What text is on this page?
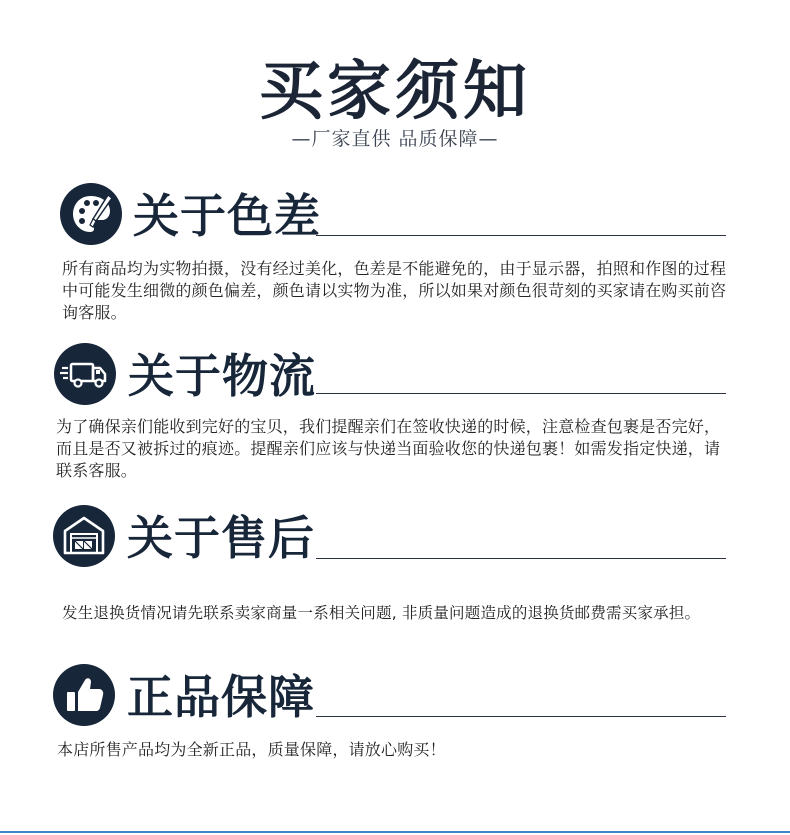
买家须知
—厂家直供 品质保障—
关于色差
所有商品均为实物拍摄，没有经过美化，色差是不能避免的，由于显示器，拍照和作图的过程中可能发生细微的颜色偏差，颜色请以实物为准，所以如果对颜色很苛刻的买家请在购买前咨询客服。
关于物流
为了确保亲们能收到完好的宝贝，我们提醒亲们在签收快递的时候，注意检查包裹是否完好，而且是否又被拆过的痕迹。提醒亲们应该与快递当面验收您的快递包裹！如需发指定快递，请联系客服。
关于售后
发生退换货情况请先联系卖家商量一系相关问题, 非质量问题造成的退换货邮费需买家承担。
正品保障
本店所售产品均为全新正品，质量保障，请放心购买！
